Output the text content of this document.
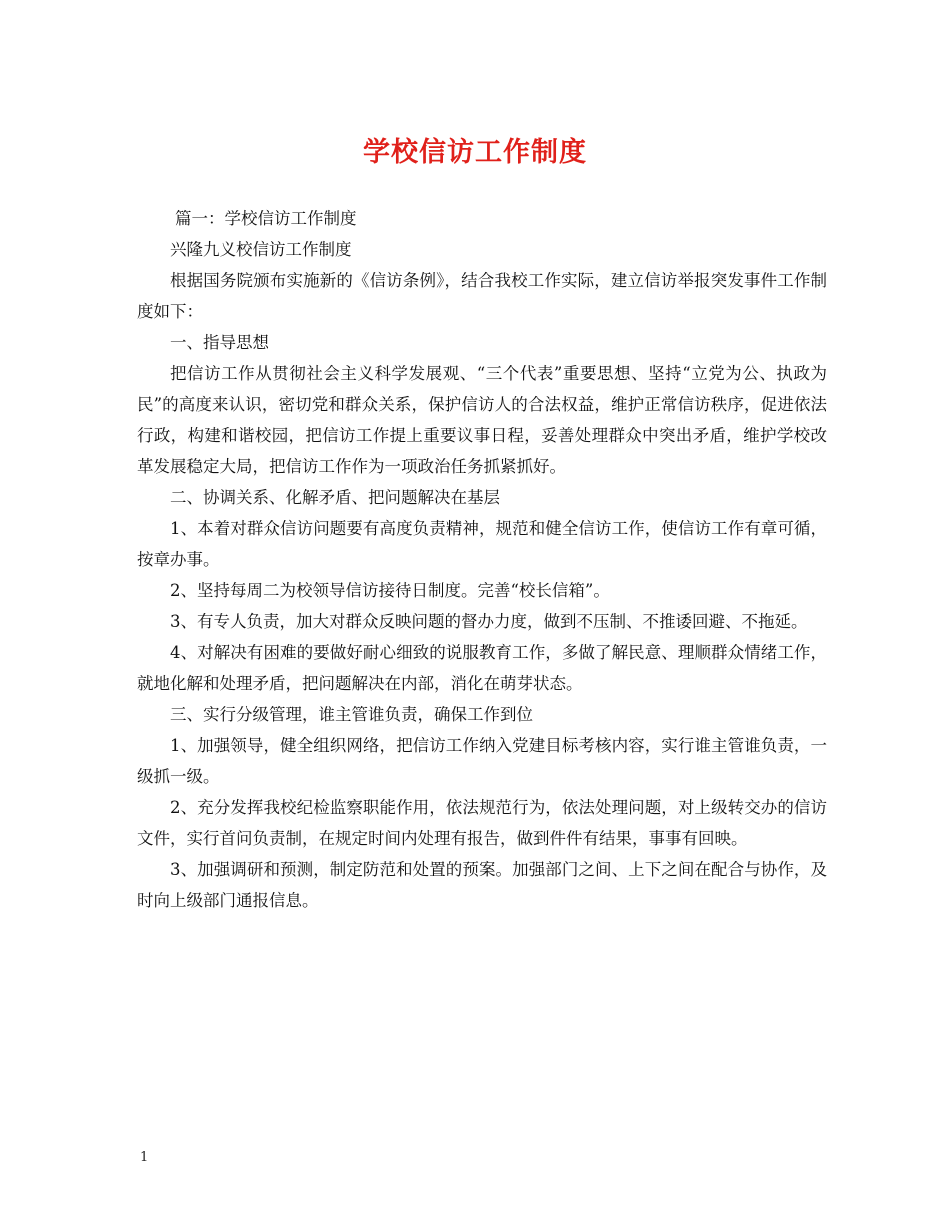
学校信访工作制度

篇一：学校信访工作制度

兴隆九义校信访工作制度

根据国务院颁布实施新的《信访条例》，结合我校工作实际，建立信访举报突发事件工作制度如下：

一、指导思想

把信访工作从贯彻社会主义科学发展观、“三个代表”重要思想、坚持“立党为公、执政为民”的高度来认识，密切党和群众关系，保护信访人的合法权益，维护正常信访秩序，促进依法行政，构建和谐校园，把信访工作提上重要议事日程，妥善处理群众中突出矛盾，维护学校改革发展稳定大局，把信访工作作为一项政治任务抓紧抓好。

二、协调关系、化解矛盾、把问题解决在基层

1、本着对群众信访问题要有高度负责精神，规范和健全信访工作，使信访工作有章可循，按章办事。

2、坚持每周二为校领导信访接待日制度。完善“校长信箱”。

3、有专人负责，加大对群众反映问题的督办力度，做到不压制、不推诿回避、不拖延。

4、对解决有困难的要做好耐心细致的说服教育工作，多做了解民意、理顺群众情绪工作，就地化解和处理矛盾，把问题解决在内部，消化在萌芽状态。

三、实行分级管理，谁主管谁负责，确保工作到位

1、加强领导，健全组织网络，把信访工作纳入党建目标考核内容，实行谁主管谁负责，一级抓一级。

2、充分发挥我校纪检监察职能作用，依法规范行为，依法处理问题，对上级转交办的信访文件，实行首问负责制，在规定时间内处理有报告，做到件件有结果，事事有回映。

3、加强调研和预测，制定防范和处置的预案。加强部门之间、上下之间在配合与协作，及时向上级部门通报信息。

1
